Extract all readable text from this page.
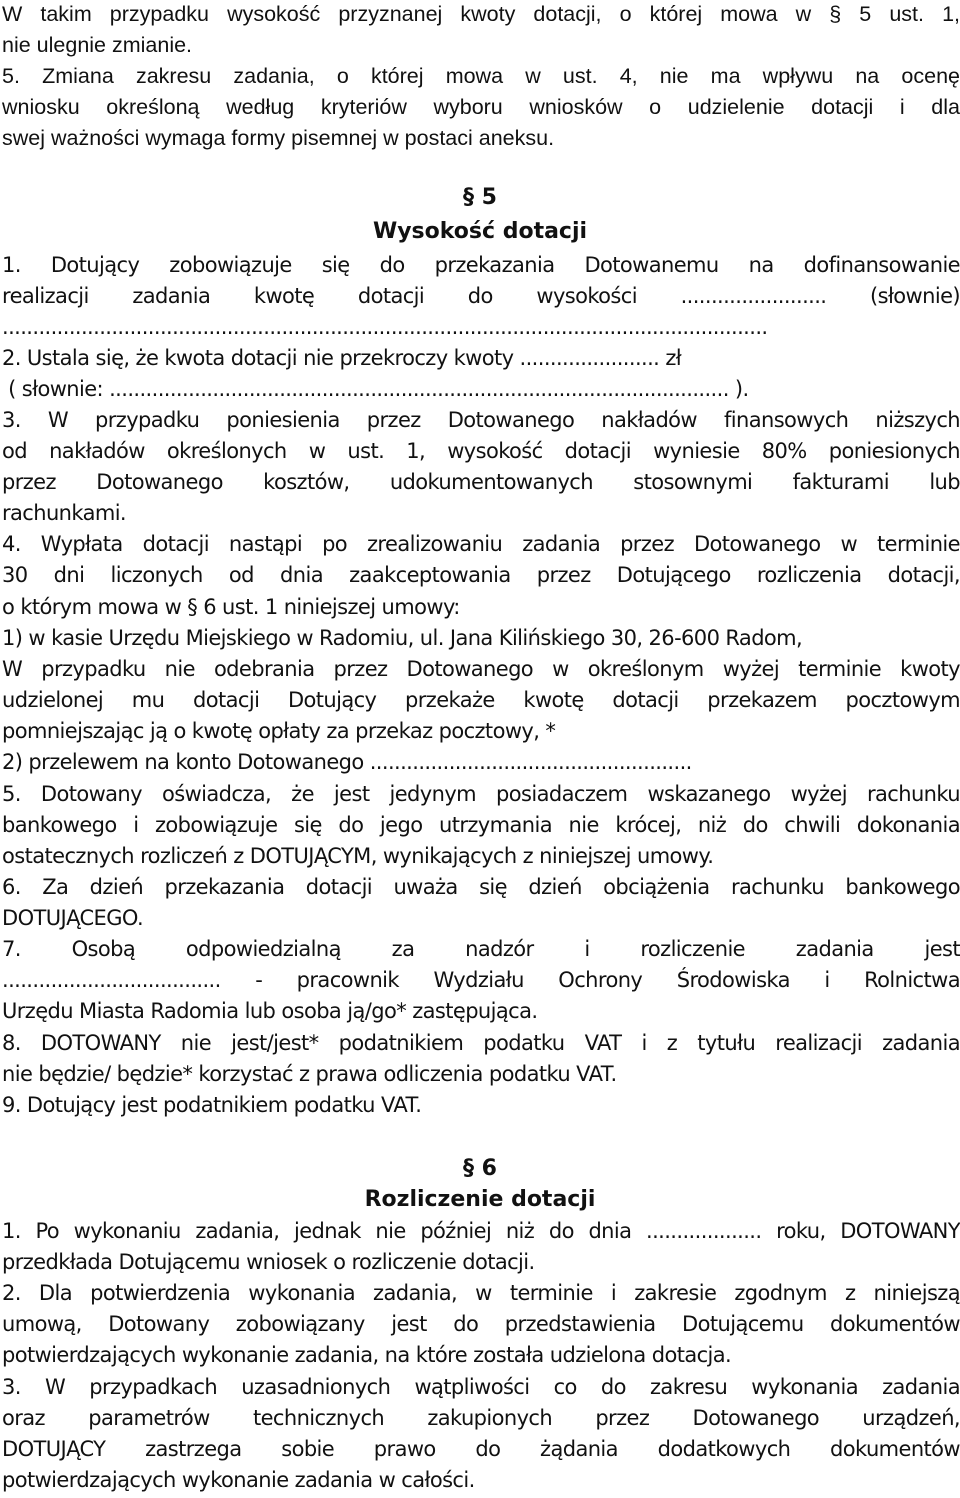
W takim przypadku wysokość przyznanej kwoty dotacji, o której mowa w § 5 ust. 1,
nie ulegnie zmianie.
5. Zmiana zakresu zadania, o której mowa w ust. 4, nie ma wpływu na ocenę
wniosku określoną według kryteriów wyboru wniosków o udzielenie dotacji i dla
swej ważności wymaga formy pisemnej w postaci aneksu.
§ 5
Wysokość dotacji
1. Dotujący zobowiązuje się do przekazania Dotowanemu na dofinansowanie
realizacji zadania kwotę dotacji do wysokości ........................ (słownie)
..............................................................................................................................
2. Ustala się, że kwota dotacji nie przekroczy kwoty ....................... zł
( słownie: ...................................................................................................... ).
3. W przypadku poniesienia przez Dotowanego nakładów finansowych niższych
od nakładów określonych w ust. 1, wysokość dotacji wyniesie 80% poniesionych
przez Dotowanego kosztów, udokumentowanych stosownymi fakturami lub
rachunkami.
4. Wypłata dotacji nastąpi po zrealizowaniu zadania przez Dotowanego w terminie
30 dni liczonych od dnia zaakceptowania przez Dotującego rozliczenia dotacji,
o którym mowa w § 6 ust. 1 niniejszej umowy:
1) w kasie Urzędu Miejskiego w Radomiu, ul. Jana Kilińskiego 30, 26-600 Radom,
W przypadku nie odebrania przez Dotowanego w określonym wyżej terminie kwoty
udzielonej mu dotacji Dotujący przekaże kwotę dotacji przekazem pocztowym
pomniejszając ją o kwotę opłaty za przekaz pocztowy, *
2) przelewem na konto Dotowanego .....................................................
5. Dotowany oświadcza, że jest jedynym posiadaczem wskazanego wyżej rachunku
bankowego i zobowiązuje się do jego utrzymania nie krócej, niż do chwili dokonania
ostatecznych rozliczeń z DOTUJĄCYM, wynikających z niniejszej umowy.
6. Za dzień przekazania dotacji uważa się dzień obciążenia rachunku bankowego
DOTUJĄCEGO.
7. Osobą odpowiedzialną za nadzór i rozliczenie zadania jest
.................................... - pracownik Wydziału Ochrony Środowiska i Rolnictwa
Urzędu Miasta Radomia lub osoba ją/go* zastępująca.
8. DOTOWANY nie jest/jest* podatnikiem podatku VAT i z tytułu realizacji zadania
nie będzie/ będzie* korzystać z prawa odliczenia podatku VAT.
9. Dotujący jest podatnikiem podatku VAT.
§ 6
Rozliczenie dotacji
1. Po wykonaniu zadania, jednak nie później niż do dnia ................... roku, DOTOWANY
przedkłada Dotującemu wniosek o rozliczenie dotacji.
2. Dla potwierdzenia wykonania zadania, w terminie i zakresie zgodnym z niniejszą
umową, Dotowany zobowiązany jest do przedstawienia Dotującemu dokumentów
potwierdzających wykonanie zadania, na które została udzielona dotacja.
3. W przypadkach uzasadnionych wątpliwości co do zakresu wykonania zadania
oraz parametrów technicznych zakupionych przez Dotowanego urządzeń,
DOTUJĄCY zastrzega sobie prawo do żądania dodatkowych dokumentów
potwierdzających wykonanie zadania w całości.
